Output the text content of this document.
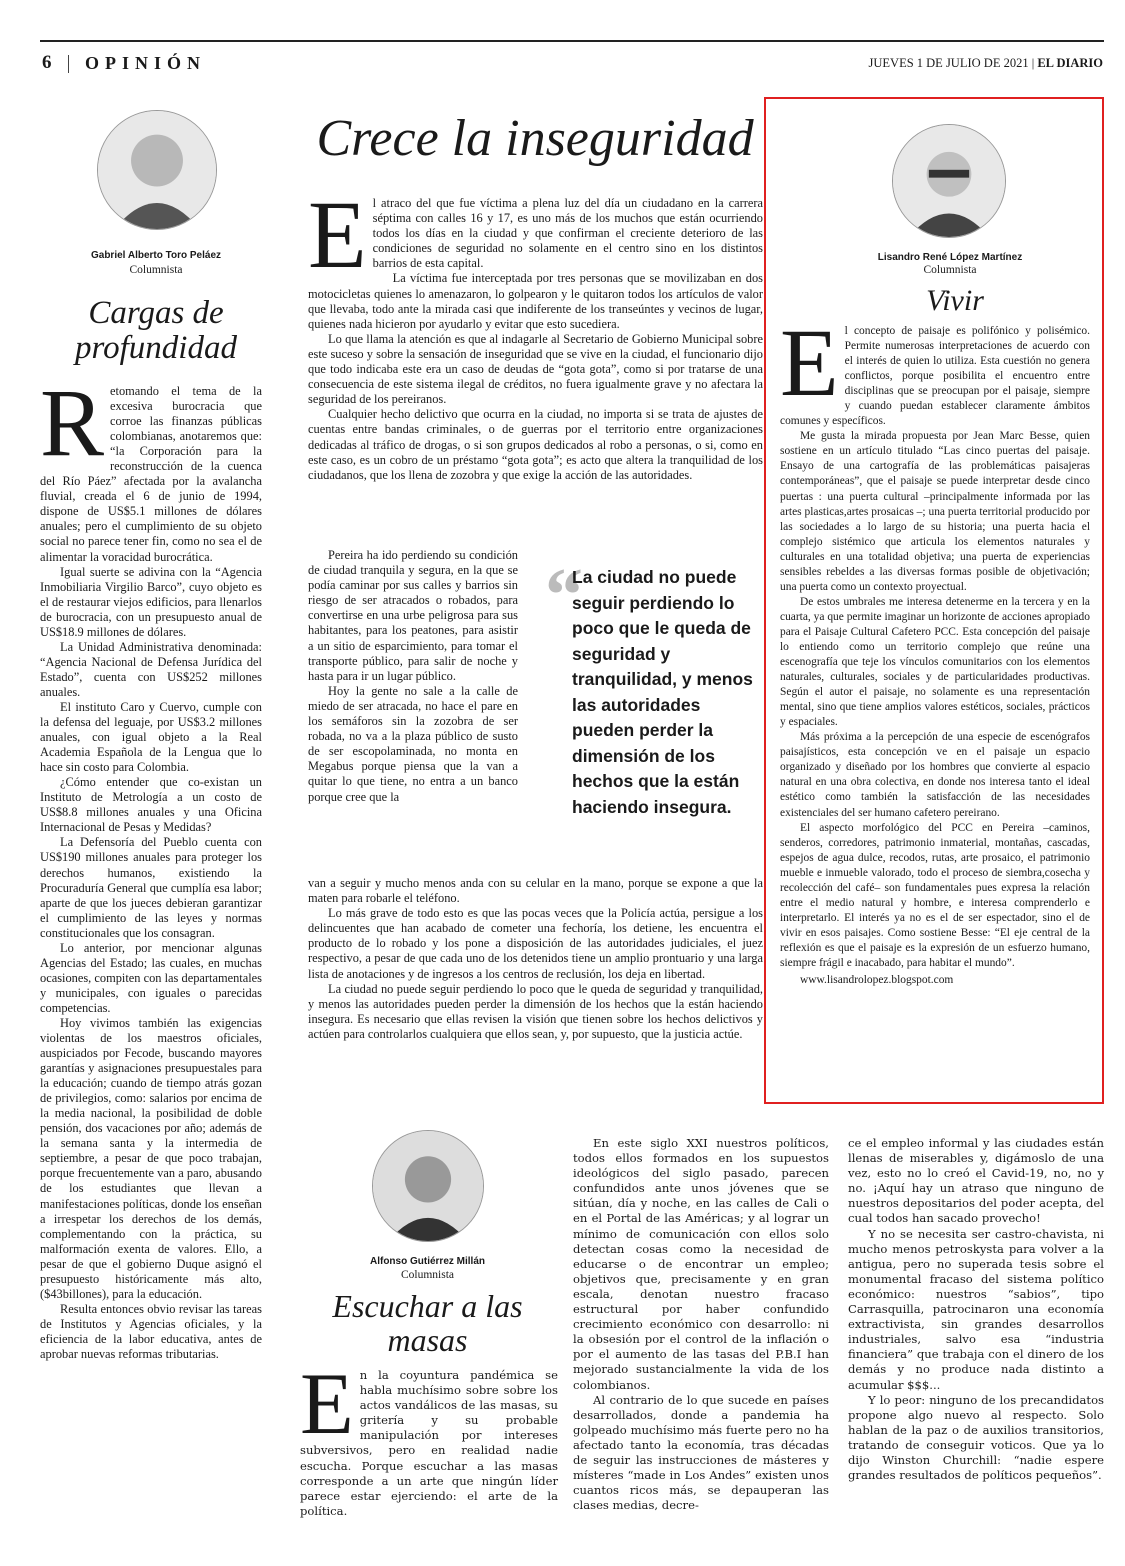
6 OPINIÓN	JUEVES 1 DE JULIO DE 2021 | EL DIARIO
Gabriel Alberto Toro Peláez
Columnista
Cargas de profundidad
R etomando el tema de la excesiva burocracia que corroe las finanzas públicas colombianas, anotaremos que: “la Corporación para la reconstrucción de la cuenca del Río Páez” afectada por la avalancha fluvial, creada el 6 de junio de 1994, dispone de US$5.1 millones de dólares anuales; pero el cumplimiento de su objeto social no parece tener fin, como no sea el de alimentar la voracidad burocrática.

Igual suerte se adivina con la “Agencia Inmobiliaria Virgilio Barco”, cuyo objeto es el de restaurar viejos edificios, para llenarlos de burocracia, con un presupuesto anual de US$18.9 millones de dólares.

La Unidad Administrativa denominada: “Agencia Nacional de Defensa Jurídica del Estado”, cuenta con US$252 millones anuales.

El instituto Caro y Cuervo, cumple con la defensa del leguaje, por US$3.2 millones anuales, con igual objeto a la Real Academia Española de la Lengua que lo hace sin costo para Colombia.

¿Cómo entender que co-existan un Instituto de Metrología a un costo de US$8.8 millones anuales y una Oficina Internacional de Pesas y Medidas?

La Defensoría del Pueblo cuenta con US$190 millones anuales para proteger los derechos humanos, existiendo la Procuraduría General que cumplía esa labor; aparte de que los jueces debieran garantizar el cumplimiento de las leyes y normas constitucionales que los consagran.

Lo anterior, por mencionar algunas Agencias del Estado; las cuales, en muchas ocasiones, compiten con las departamentales y municipales, con iguales o parecidas competencias.

Hoy vivimos también las exigencias violentas de los maestros oficiales, auspiciados por Fecode, buscando mayores garantías y asignaciones presupuestales para la educación; cuando de tiempo atrás gozan de privilegios, como: salarios por encima de la media nacional, la posibilidad de doble pensión, dos vacaciones por año; además de la semana santa y la intermedia de septiembre, a pesar de que poco trabajan, porque frecuentemente van a paro, abusando de los estudiantes que llevan a manifestaciones políticas, donde los enseñan a irrespetar los derechos de los demás, complementando con la práctica, su malformación exenta de valores. Ello, a pesar de que el gobierno Duque asignó el presupuesto históricamente más alto, ($43billones), para la educación.

Resulta entonces obvio revisar las tareas de Institutos y Agencias oficiales, y la eficiencia de la labor educativa, antes de aprobar nuevas reformas tributarias.

Crece la inseguridad
E l atraco del que fue víctima a plena luz del día un ciudadano en la carrera séptima con calles 16 y 17, es uno más de los muchos que están ocurriendo todos los días en la ciudad y que confirman el creciente deterioro de las condiciones de seguridad no solamente en el centro sino en los distintos barrios de esta capital.

La víctima fue interceptada por tres personas que se movilizaban en dos motocicletas quienes lo amenazaron, lo golpearon y le quitaron todos los artículos de valor que llevaba, todo ante la mirada casi que indiferente de los transeúntes y vecinos de lugar, quienes nada hicieron por ayudarlo y evitar que esto sucediera.

Lo que llama la atención es que al indagarle al Secretario de Gobierno Municipal sobre este suceso y sobre la sensación de inseguridad que se vive en la ciudad, el funcionario dijo que todo indicaba este era un caso de deudas de “gota gota”, como si por tratarse de una consecuencia de este sistema ilegal de créditos, no fuera igualmente grave y no afectara la seguridad de los pereiranos.

Cualquier hecho delictivo que ocurra en la ciudad, no importa si se trata de ajustes de cuentas entre bandas criminales, o de guerras por el territorio entre organizaciones dedicadas al tráfico de drogas, o si son grupos dedicados al robo a personas, o si, como en este caso, es un cobro de un préstamo “gota gota”; es acto que altera la tranquilidad de los ciudadanos, que los llena de zozobra y que exige la acción de las autoridades.

Pereira ha ido perdiendo su condición de ciudad tranquila y segura, en la que se podía caminar por sus calles y barrios sin riesgo de ser atracados o robados, para convertirse en una urbe peligrosa para sus habitantes, para los peatones, para asistir a un sitio de esparcimiento, para tomar el transporte público, para salir de noche y hasta para ir un lugar público.

Hoy la gente no sale a la calle de miedo de ser atracada, no hace el pare en los semáforos sin la zozobra de ser robada, no va a la plaza público de susto de ser escopolaminada, no monta en Megabus porque piensa que la van a quitar lo que tiene, no entra a un banco porque cree que la

“
La ciudad no puede seguir perdiendo lo poco que le queda de seguridad y tranquilidad, y menos las autoridades pueden perder la dimensión de los hechos que la están haciendo insegura.

van a seguir y mucho menos anda con su celular en la mano, porque se expone a que la maten para robarle el teléfono.

Lo más grave de todo esto es que las pocas veces que la Policía actúa, persigue a los delincuentes que han acabado de cometer una fechoría, los detiene, les encuentra el producto de lo robado y los pone a disposición de las autoridades judiciales, el juez respectivo, a pesar de que cada uno de los detenidos tiene un amplio prontuario y una larga lista de anotaciones y de ingresos a los centros de reclusión, los deja en libertad.

La ciudad no puede seguir perdiendo lo poco que le queda de seguridad y tranquilidad, y menos las autoridades pueden perder la dimensión de los hechos que la están haciendo insegura. Es necesario que ellas revisen la visión que tienen sobre los hechos delictivos y actúen para controlarlos cualquiera que ellos sean, y, por supuesto, que la justicia actúe.

Lisandro René López Martínez
Columnista
Vivir
E l concepto de paisaje es polifónico y polisémico. Permite numerosas interpretaciones de acuerdo con el interés de quien lo utiliza. Esta cuestión no genera conflictos, porque posibilita el encuentro entre disciplinas que se preocupan por el paisaje, siempre y cuando puedan establecer claramente ámbitos comunes y específicos.

Me gusta la mirada propuesta por Jean Marc Besse, quien sostiene en un artículo titulado “Las cinco puertas del paisaje. Ensayo de una cartografía de las problemáticas paisajeras contemporáneas”, que el paisaje se puede interpretar desde cinco puertas : una puerta cultural –principalmente informada por las artes plasticas,artes prosaicas –; una puerta territorial producido por las sociedades a lo largo de su historia; una puerta hacia el complejo sistémico que articula los elementos naturales y culturales en una totalidad objetiva; una puerta de experiencias sensibles rebeldes a las diversas formas posible de objetivación; una puerta como un contexto proyectual.

De estos umbrales me interesa detenerme en la tercera y en la cuarta, ya que permite imaginar un horizonte de acciones apropiado para el Paisaje Cultural Cafetero PCC. Esta concepción del paisaje lo entiendo como un territorio complejo que reúne una escenografía que teje los vínculos comunitarios con los elementos naturales, culturales, sociales y de particularidades productivas. Según el autor el paisaje, no solamente es una representación mental, sino que tiene amplios valores estéticos, sociales, prácticos y espaciales.

Más próxima a la percepción de una especie de escenógrafos paisajísticos, esta concepción ve en el paisaje un espacio organizado y diseñado por los hombres que convierte al espacio natural en una obra colectiva, en donde nos interesa tanto el ideal estético como también la satisfacción de las necesidades existenciales del ser humano cafetero pereirano.

El aspecto morfológico del PCC en Pereira –caminos, senderos, corredores, patrimonio inmaterial, montañas, cascadas, espejos de agua dulce, recodos, rutas, arte prosaico, el patrimonio mueble e inmueble valorado, todo el proceso de siembra,cosecha y recolección del café– son fundamentales pues expresa la relación entre el medio natural y hombre, e interesa comprenderlo e interpretarlo. El interés ya no es el de ser espectador, sino el de vivir en esos paisajes. Como sostiene Besse: “El eje central de la reflexión es que el paisaje es la expresión de un esfuerzo humano, siempre frágil e inacabado, para habitar el mundo”.

www.lisandrolopez.blogspot.com

Alfonso Gutiérrez Millán
Columnista
Escuchar a las masas
E n la coyuntura pandémica se habla muchísimo sobre sobre los actos vandálicos de las masas, su gritería y su probable manipulación por intereses subversivos, pero en realidad nadie escucha. Porque escuchar a las masas corresponde a un arte que ningún líder parece estar ejerciendo: el arte de la política.

En este siglo XXI nuestros políticos, todos ellos formados en los supuestos ideológicos del siglo pasado, parecen confundidos ante unos jóvenes que se sitúan, día y noche, en las calles de Cali o en el Portal de las Américas; y al lograr un mínimo de comunicación con ellos solo detectan cosas como la necesidad de educarse o de encontrar un empleo; objetivos que, precisamente y en gran escala, denotan nuestro fracaso estructural por haber confundido crecimiento económico con desarrollo: ni la obsesión por el control de la inflación o por el aumento de las tasas del P.B.I han mejorado sustancialmente la vida de los colombianos.

Al contrario de lo que sucede en países desarrollados, donde a pandemia ha golpeado muchísimo más fuerte pero no ha afectado tanto la economía, tras décadas de seguir las instrucciones de másteres y místeres “made in Los Andes” existen unos cuantos ricos más, se depauperan las clases medias, decre-

ce el empleo informal y las ciudades están llenas de miserables y, digámoslo de una vez, esto no lo creó el Cavid-19, no, no y no. ¡Aquí hay un atraso que ninguno de nuestros depositarios del poder acepta, del cual todos han sacado provecho!

Y no se necesita ser castro-chavista, ni mucho menos petroskysta para volver a la antigua, pero no superada tesis sobre el monumental fracaso del sistema político económico: nuestros “sabios”, tipo Carrasquilla, patrocinaron una economía extractivista, sin grandes desarrollos industriales, salvo esa “industria financiera” que trabaja con el dinero de los demás y no produce nada distinto a acumular $$$...

Y lo peor: ninguno de los precandidatos propone algo nuevo al respecto. Solo hablan de la paz o de auxilios transitorios, tratando de conseguir voticos. Que ya lo dijo Winston Churchill: “nadie espere grandes resultados de políticos pequeños”.
